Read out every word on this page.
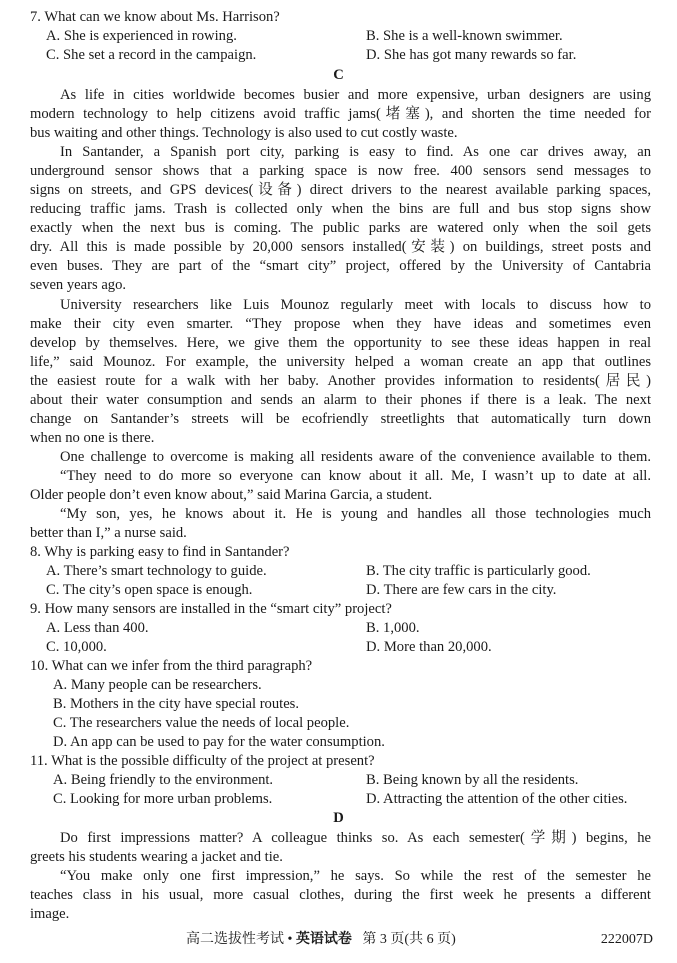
7. What can we know about Ms. Harrison?
A. She is experienced in rowing.	B. She is a well-known swimmer.
C. She set a record in the campaign.	D. She has got many rewards so far.
C
As life in cities worldwide becomes busier and more expensive, urban designers are using
modern technology to help citizens avoid traffic jams(堵塞), and shorten the time needed for
bus waiting and other things. Technology is also used to cut costly waste.
In Santander, a Spanish port city, parking is easy to find. As one car drives away, an
underground sensor shows that a parking space is now free. 400 sensors send messages to
signs on streets, and GPS devices(设备) direct drivers to the nearest available parking spaces,
reducing traffic jams. Trash is collected only when the bins are full and bus stop signs show
exactly when the next bus is coming. The public parks are watered only when the soil gets
dry. All this is made possible by 20,000 sensors installed(安装) on buildings, street posts and
even buses. They are part of the “smart city” project, offered by the University of Cantabria
seven years ago.
University researchers like Luis Mounoz regularly meet with locals to discuss how to
make their city even smarter. “They propose when they have ideas and sometimes even
develop by themselves. Here, we give them the opportunity to see these ideas happen in real
life,” said Mounoz. For example, the university helped a woman create an app that outlines
the easiest route for a walk with her baby. Another provides information to residents(居民)
about their water consumption and sends an alarm to their phones if there is a leak. The next
change on Santander’s streets will be ecofriendly streetlights that automatically turn down
when no one is there.
One challenge to overcome is making all residents aware of the convenience available to them.
“They need to do more so everyone can know about it all. Me, I wasn’t up to date at all.
Older people don’t even know about,” said Marina Garcia, a student.
“My son, yes, he knows about it. He is young and handles all those technologies much
better than I,” a nurse said.
8. Why is parking easy to find in Santander?
A. There’s smart technology to guide.	B. The city traffic is particularly good.
C. The city’s open space is enough.	D. There are few cars in the city.
9. How many sensors are installed in the “smart city” project?
A. Less than 400.	B. 1,000.
C. 10,000.	D. More than 20,000.
10. What can we infer from the third paragraph?
A. Many people can be researchers.
B. Mothers in the city have special routes.
C. The researchers value the needs of local people.
D. An app can be used to pay for the water consumption.
11. What is the possible difficulty of the project at present?
A. Being friendly to the environment.	B. Being known by all the residents.
C. Looking for more urban problems.	D. Attracting the attention of the other cities.
D
Do first impressions matter? A colleague thinks so. As each semester(学期) begins, he
greets his students wearing a jacket and tie.
“You make only one first impression,” he says. So while the rest of the semester he
teaches class in his usual, more casual clothes, during the first week he presents a different
image.
高二选拔性考试 • 英语试卷 第 3 页(共 6 页)	222007D
